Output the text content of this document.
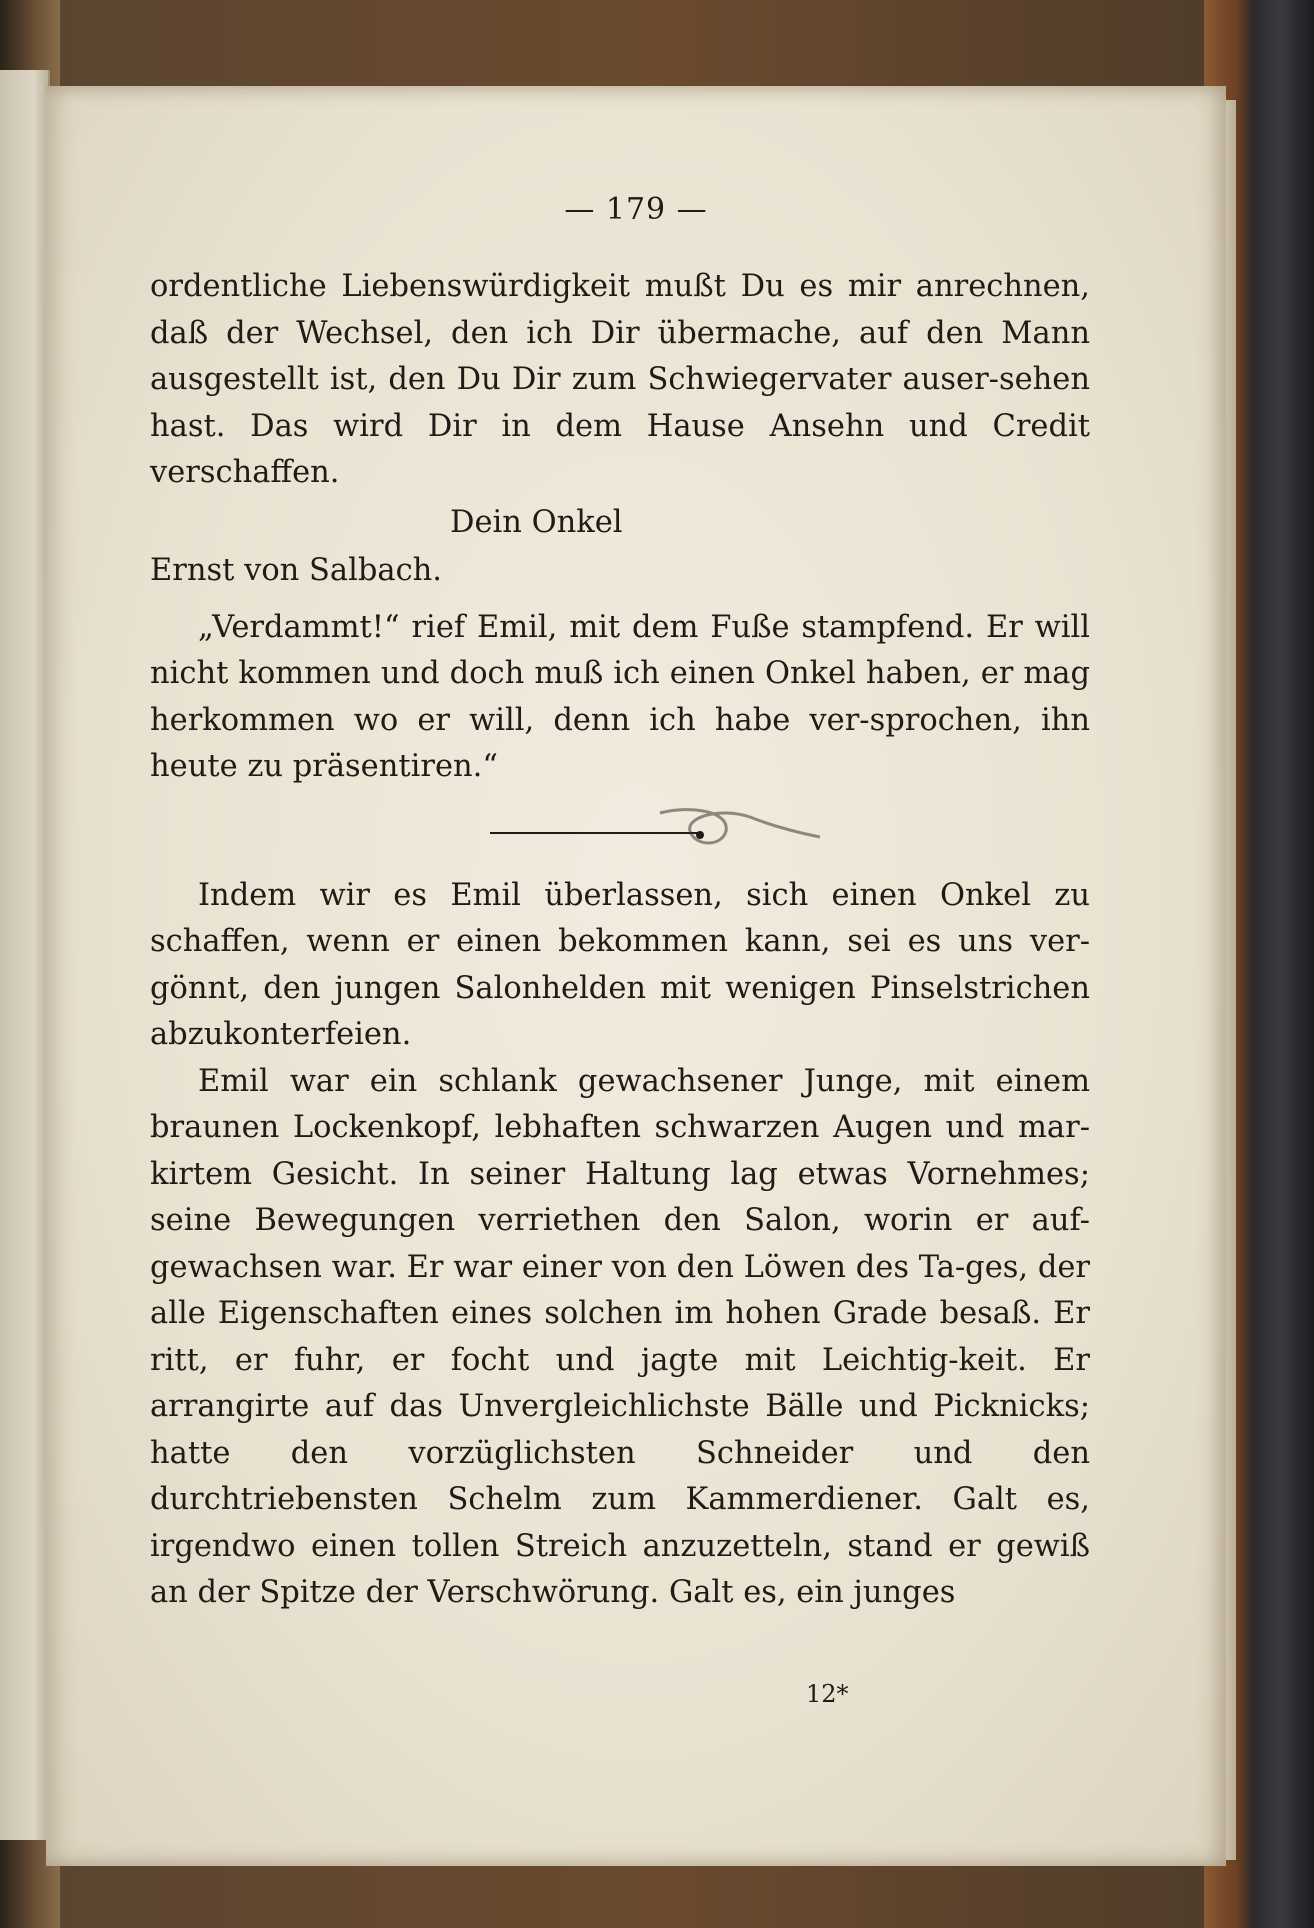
— 179 —

ordentliche Liebenswürdigkeit mußt Du es mir anrechnen, daß der Wechsel, den ich Dir übermache, auf den Mann ausgestellt ist, den Du Dir zum Schwiegervater auser-sehen hast. Das wird Dir in dem Hause Ansehn und Credit verschaffen.

Dein Onkel

Ernst von Salbach.

„Verdammt!“ rief Emil, mit dem Fuße stampfend. Er will nicht kommen und doch muß ich einen Onkel haben, er mag herkommen wo er will, denn ich habe ver-sprochen, ihn heute zu präsentiren.“

Indem wir es Emil überlassen, sich einen Onkel zu schaffen, wenn er einen bekommen kann, sei es uns ver-gönnt, den jungen Salonhelden mit wenigen Pinselstrichen abzukonterfeien.

Emil war ein schlank gewachsener Junge, mit einem braunen Lockenkopf, lebhaften schwarzen Augen und mar-kirtem Gesicht. In seiner Haltung lag etwas Vornehmes; seine Bewegungen verriethen den Salon, worin er auf-gewachsen war. Er war einer von den Löwen des Ta-ges, der alle Eigenschaften eines solchen im hohen Grade besaß. Er ritt, er fuhr, er focht und jagte mit Leichtig-keit. Er arrangirte auf das Unvergleichlichste Bälle und Picknicks; hatte den vorzüglichsten Schneider und den durchtriebensten Schelm zum Kammerdiener. Galt es, irgendwo einen tollen Streich anzuzetteln, stand er gewiß an der Spitze der Verschwörung. Galt es, ein junges

12*
